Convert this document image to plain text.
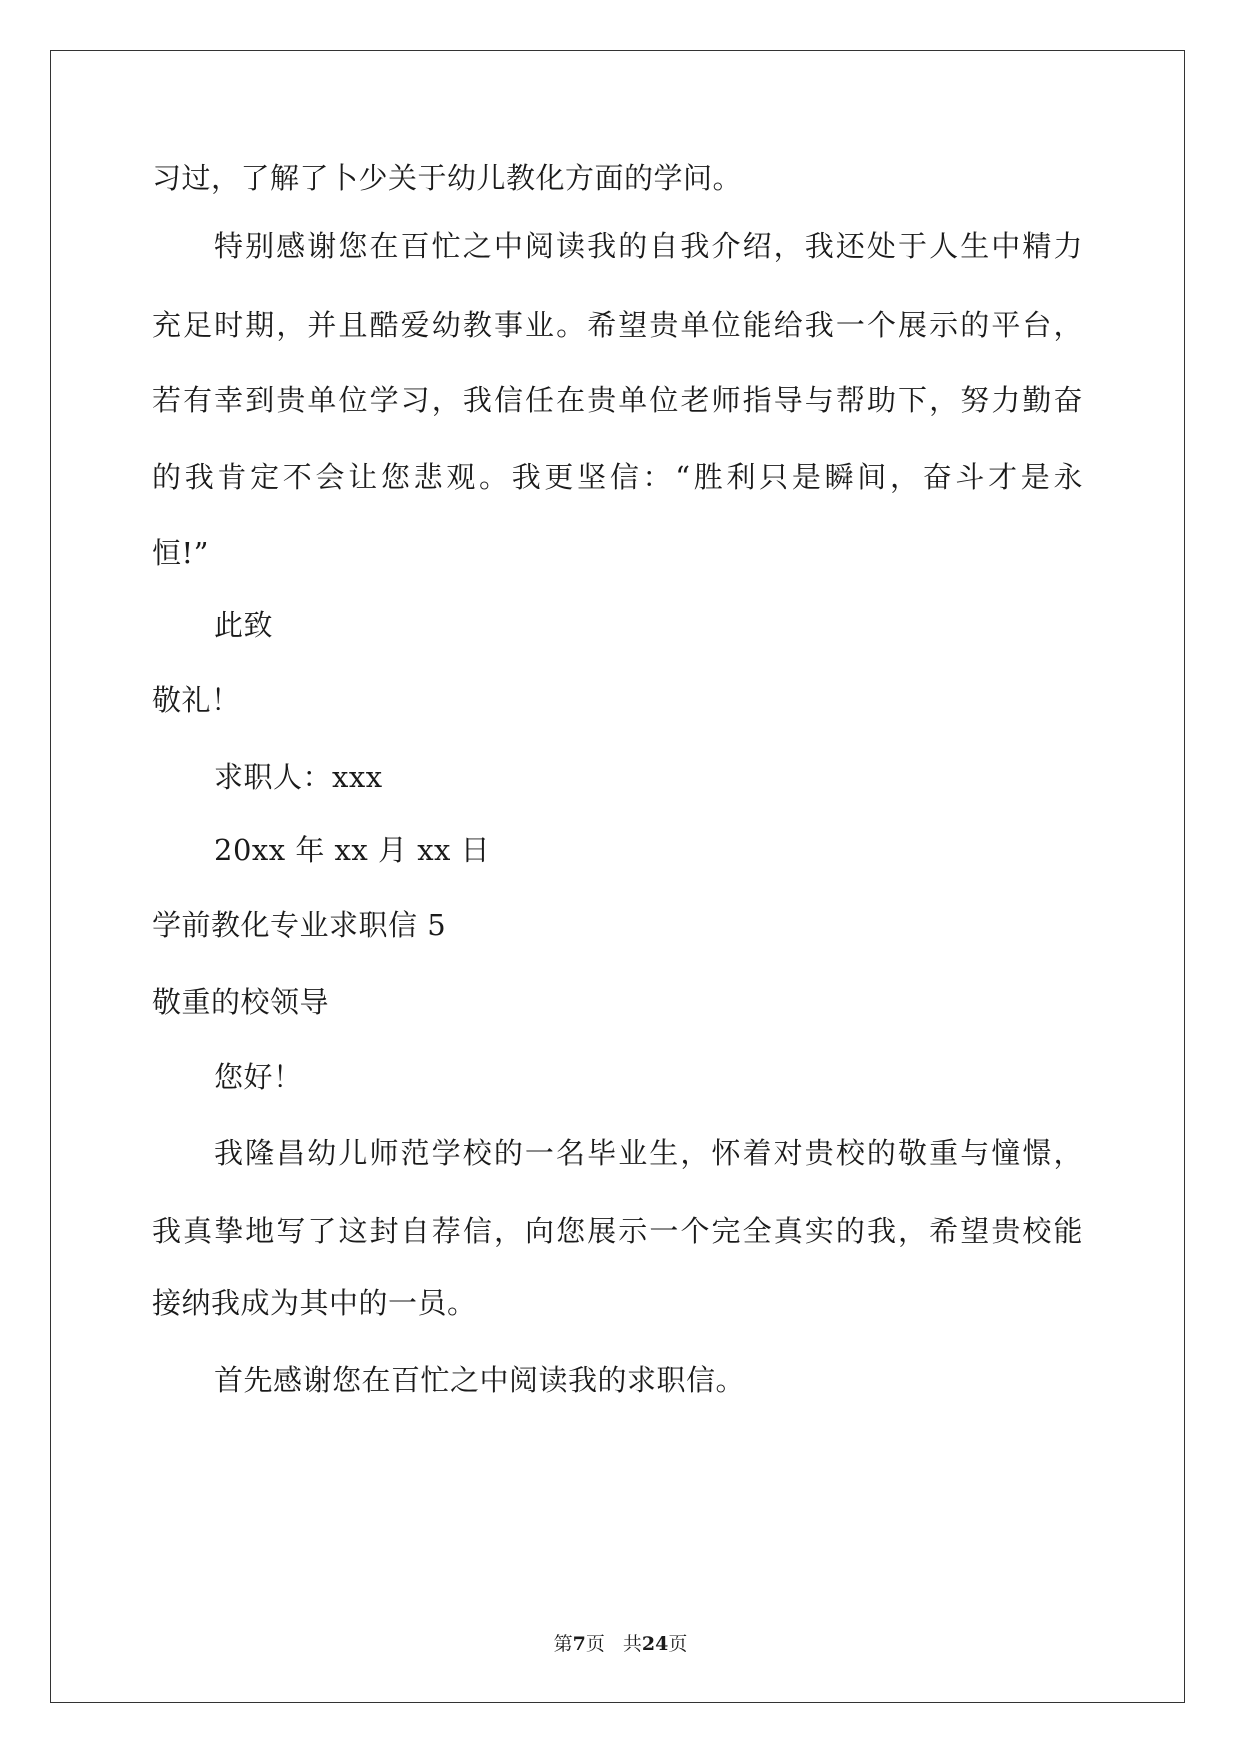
习过，了解了卜少关于幼儿教化方面的学问。
特别感谢您在百忙之中阅读我的自我介绍，我还处于人生中精力
充足时期，并且酷爱幼教事业。希望贵单位能给我一个展示的平台，
若有幸到贵单位学习，我信任在贵单位老师指导与帮助下，努力勤奋
的我肯定不会让您悲观。我更坚信：“胜利只是瞬间，奋斗才是永
恒!”
此致
敬礼！
求职人：xxx
20xx 年 xx 月 xx 日
学前教化专业求职信 5
敬重的校领导
您好！
我隆昌幼儿师范学校的一名毕业生，怀着对贵校的敬重与憧憬，
我真挚地写了这封自荐信，向您展示一个完全真实的我，希望贵校能
接纳我成为其中的一员。
首先感谢您在百忙之中阅读我的求职信。
第7页 共24页
